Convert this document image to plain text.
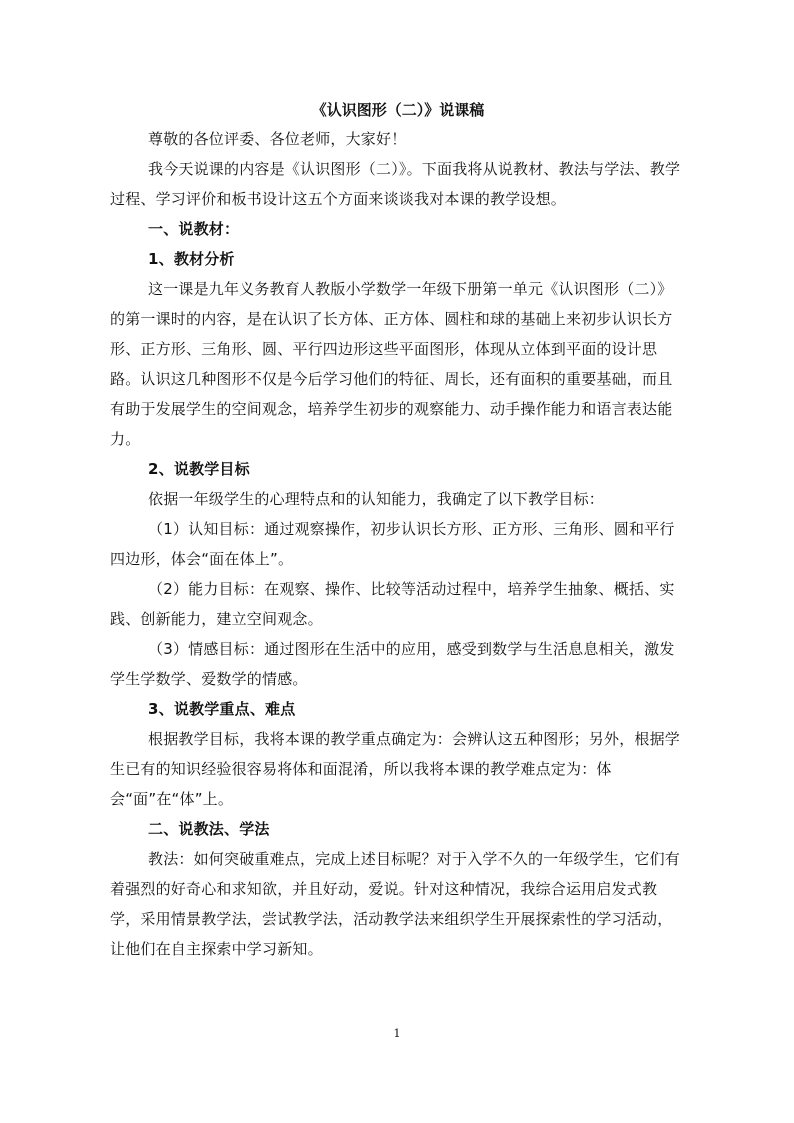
《认识图形（二）》说课稿

尊敬的各位评委、各位老师，大家好！

我今天说课的内容是《认识图形（二）》。下面我将从说教材、教法与学法、教学过程、学习评价和板书设计这五个方面来谈谈我对本课的教学设想。

一、说教材：

1、教材分析

这一课是九年义务教育人教版小学数学一年级下册第一单元《认识图形（二）》的第一课时的内容，是在认识了长方体、正方体、圆柱和球的基础上来初步认识长方形、正方形、三角形、圆、平行四边形这些平面图形，体现从立体到平面的设计思路。认识这几种图形不仅是今后学习他们的特征、周长，还有面积的重要基础，而且有助于发展学生的空间观念，培养学生初步的观察能力、动手操作能力和语言表达能力。

2、说教学目标

依据一年级学生的心理特点和的认知能力，我确定了以下教学目标：

（1）认知目标：通过观察操作，初步认识长方形、正方形、三角形、圆和平行四边形，体会“面在体上”。

（2）能力目标：在观察、操作、比较等活动过程中，培养学生抽象、概括、实践、创新能力，建立空间观念。

（3）情感目标：通过图形在生活中的应用，感受到数学与生活息息相关，激发学生学数学、爱数学的情感。

3、说教学重点、难点

根据教学目标，我将本课的教学重点确定为：会辨认这五种图形；另外，根据学生已有的知识经验很容易将体和面混淆，所以我将本课的教学难点定为：体会“面”在“体”上。

二、说教法、学法

教法：如何突破重难点，完成上述目标呢？对于入学不久的一年级学生，它们有着强烈的好奇心和求知欲，并且好动，爱说。针对这种情况，我综合运用启发式教学，采用情景教学法，尝试教学法，活动教学法来组织学生开展探索性的学习活动，让他们在自主探索中学习新知。

1
